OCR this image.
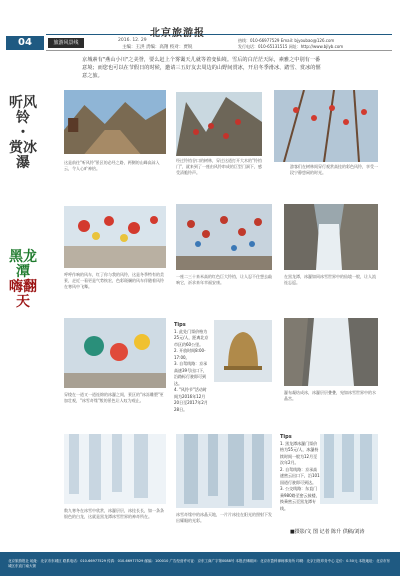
04
北京旅游报
旅游风景线	2016. 12. 29
主编：王洪 责编：高翔 校对：贾锐
热线：010-66977529 Email: bjyoubao@126.com
发行电话：010-65131515 网址：http://www.bjlyb.com
京城素有"燕山小川"之美誉，要么赶上个雾霭天儿就等着变仙境。雪后的白茫茫天际，素雅之中别有一番意境；而您也可以在节假日的时候，邀请三五好友去周边的山野间赏冰，开启冬季滑冰、踏雪、赏冰的惬意之旅。
听风铃 ・ 赏冰瀑
黑龙潭
嗨翻天
这是前往"听风铃"景区的必经之路，两侧的山峰高耸入云，令人心旷神怡。
经过铃铛谷口的树林，穿过这道打开大木的"铃铛门"，就来到了一座由风铃串成的巨型门洞下，感受清脆铃声。
游客们在树林间穿行观赏高挂的彩色风铃，享受一段宁静悠闲的时光。
呼呼作响的风车，红了你与我的风铃，这是冬季特有的美景，走近一看更是气势恢宏，色彩斑斓的风车伴随着风铃在寒风中飞舞。
一座二三十来米高的红色巨大铃铛，让人忍不住想去敲响它，祈求来年幸福安康。
在黑龙潭，冰瀑如同冰雪世界中的仙境一般，让人流连忘返。
穿梭在一道又一道连绵的冰瀑之间，景区的"冰冻雕塑"更加壮观，"冰雪奇缘"般的景色让人叹为观止。
Tips
1. 此处门票价格为25元/人，距离北京市区约60公里。
2. 开放时间8:00-17:00。
3. 自驾线路：京承高速39号出口下，沿路标行驶即可到达。
4. "风铃节"活动时间为2016年12月20日至2017年2月28日。
瀑布凝结成冰，冰瀑层层叠叠，宛如冰雪世界中的水晶宫。
数九寒冬在冰雪中欣赏，冰瀑层层，冰挂长长，如一条条银色的白龙，这就是黑龙潭冰雪世界的神奇所在。	冰雪奇缘中的冰晶天地，一片片冰挂在阳光的照射下发出耀眼的光彩。
Tips
1. 黑龙潭冰瀑门票价格为55元/人，冰瀑持续时间一般为12月至次年2月。
2. 自驾线路：京承高速密云出口下，沿101国道行驶即可到达。
3. 公交线路：东直门乘980路至密云鼓楼，换乘密云至黑龙潭专线。
■摄影/文 图 记者 陈升 供稿/刘涛
北京旅游报社 地址：北京市东城区 联系电话：010-66977529 传真：010-66977529 邮编：100010 广告经营许可证：京东工商广字第0088号 本报法律顾问：北京市盈科律师事务所 印刷：北京日报印务中心 定价：0.50元 本报地址：北京市东城区东直门南大街
